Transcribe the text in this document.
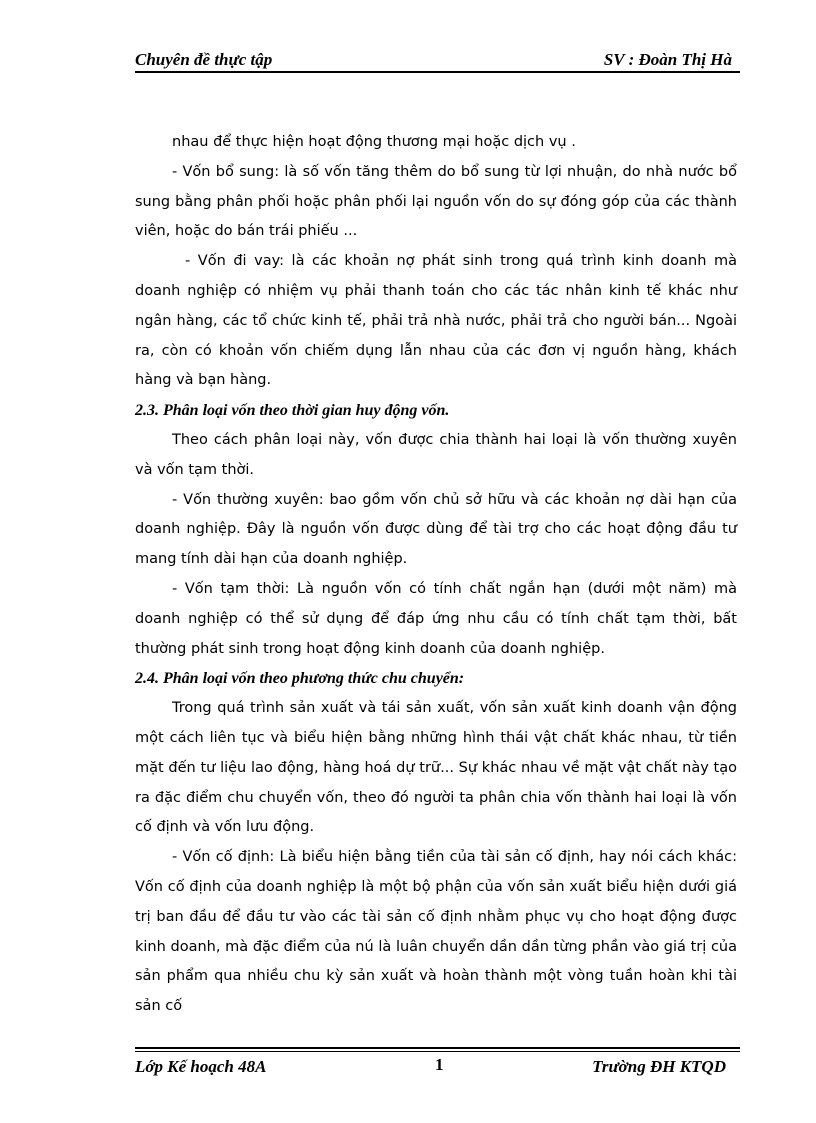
Chuyên đề thực tập	SV : Đoàn Thị Hà

nhau để thực hiện hoạt động thương mại hoặc dịch vụ .

- Vốn bổ sung: là số vốn tăng thêm do bổ sung từ lợi nhuận, do nhà nước bổ sung bằng phân phối hoặc phân phối lại nguồn vốn do sự đóng góp của các thành viên, hoặc do bán trái phiếu ...

- Vốn đi vay: là các khoản nợ phát sinh trong quá trình kinh doanh mà doanh nghiệp có nhiệm vụ phải thanh toán cho các tác nhân kinh tế khác như ngân hàng, các tổ chức kinh tế, phải trả nhà nước, phải trả cho người bán... Ngoài ra, còn có khoản vốn chiếm dụng lẫn nhau của các đơn vị nguồn hàng, khách hàng và bạn hàng.

2.3. Phân loại vốn theo thời gian huy động vốn.

Theo cách phân loại này, vốn được chia thành hai loại là vốn thường xuyên và vốn tạm thời.

- Vốn thường xuyên: bao gồm vốn chủ sở hữu và các khoản nợ dài hạn của doanh nghiệp. Đây là nguồn vốn được dùng để tài trợ cho các hoạt động đầu tư mang tính dài hạn của doanh nghiệp.

- Vốn tạm thời: Là nguồn vốn có tính chất ngắn hạn (dưới một năm) mà doanh nghiệp có thể sử dụng để đáp ứng nhu cầu có tính chất tạm thời, bất thường phát sinh trong hoạt động kinh doanh của doanh nghiệp.

2.4. Phân loại vốn theo phương thức chu chuyển:

Trong quá trình sản xuất và tái sản xuất, vốn sản xuất kinh doanh vận động một cách liên tục và biểu hiện bằng những hình thái vật chất khác nhau, từ tiền mặt đến tư liệu lao động, hàng hoá dự trữ... Sự khác nhau về mặt vật chất này tạo ra đặc điểm chu chuyển vốn, theo đó người ta phân chia vốn thành hai loại là vốn cố định và vốn lưu động.

- Vốn cố định: Là biểu hiện bằng tiền của tài sản cố định, hay nói cách khác: Vốn cố định của doanh nghiệp là một bộ phận của vốn sản xuất biểu hiện dưới giá trị ban đầu để đầu tư vào các tài sản cố định nhằm phục vụ cho hoạt động được kinh doanh, mà đặc điểm của nú là luân chuyển dần dần từng phần vào giá trị của sản phẩm qua nhiều chu kỳ sản xuất và hoàn thành một vòng tuần hoàn khi tài sản cố

Lớp Kế hoạch 48A	1	Trường ĐH KTQD
